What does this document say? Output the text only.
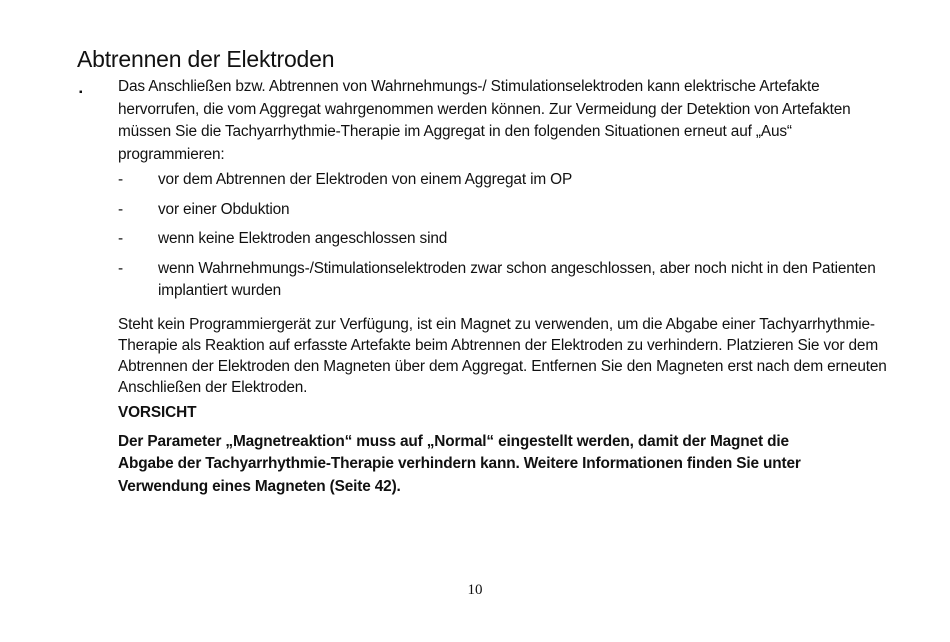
Abtrennen der Elektroden
▪ Das Anschließen bzw. Abtrennen von Wahrnehmungs-/ Stimulationselektroden kann elektrische Artefakte hervorrufen, die vom Aggregat wahrgenommen werden können. Zur Vermeidung der Detektion von Artefakten müssen Sie die Tachyarrhythmie-Therapie im Aggregat in den folgenden Situationen erneut auf „Aus“ programmieren:

- vor dem Abtrennen der Elektroden von einem Aggregat im OP
- vor einer Obduktion
- wenn keine Elektroden angeschlossen sind
- wenn Wahrnehmungs-/Stimulationselektroden zwar schon angeschlossen, aber noch nicht in den Patienten implantiert wurden

Steht kein Programmiergerät zur Verfügung, ist ein Magnet zu verwenden, um die Abgabe einer Tachyarrhythmie-Therapie als Reaktion auf erfasste Artefakte beim Abtrennen der Elektroden zu verhindern. Platzieren Sie vor dem Abtrennen der Elektroden den Magneten über dem Aggregat. Entfernen Sie den Magneten erst nach dem erneuten Anschließen der Elektroden.

VORSICHT

Der Parameter „Magnetreaktion“ muss auf „Normal“ eingestellt werden, damit der Magnet die Abgabe der Tachyarrhythmie-Therapie verhindern kann. Weitere Informationen finden Sie unter Verwendung eines Magneten (Seite 42).

10
